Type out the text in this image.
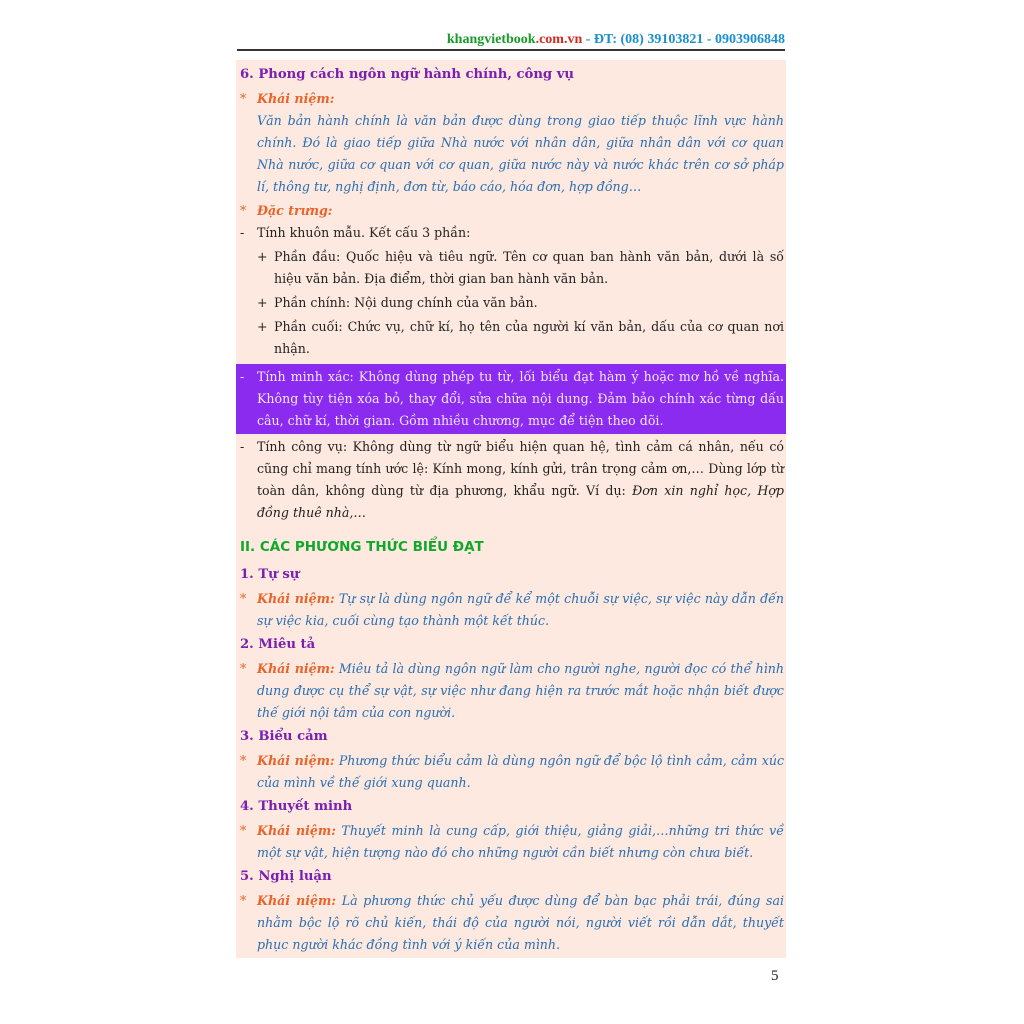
khangvietbook.com.vn - ĐT: (08) 39103821 - 0903906848
6. Phong cách ngôn ngữ hành chính, công vụ
* Khái niệm:
Văn bản hành chính là văn bản được dùng trong giao tiếp thuộc lĩnh vực hành chính. Đó là giao tiếp giữa Nhà nước với nhân dân, giữa nhân dân với cơ quan Nhà nước, giữa cơ quan với cơ quan, giữa nước này và nước khác trên cơ sở pháp lí, thông tư, nghị định, đơn từ, báo cáo, hóa đơn, hợp đồng…
* Đặc trưng:
-	Tính khuôn mẫu. Kết cấu 3 phần:
+ Phần đầu: Quốc hiệu và tiêu ngữ. Tên cơ quan ban hành văn bản, dưới là số hiệu văn bản. Địa điểm, thời gian ban hành văn bản.
+ Phần chính: Nội dung chính của văn bản.
+ Phần cuối: Chức vụ, chữ kí, họ tên của người kí văn bản, dấu của cơ quan nơi nhận.
-	Tính minh xác: Không dùng phép tu từ, lối biểu đạt hàm ý hoặc mơ hồ về nghĩa. Không tùy tiện xóa bỏ, thay đổi, sửa chữa nội dung. Đảm bảo chính xác từng dấu câu, chữ kí, thời gian. Gồm nhiều chương, mục để tiện theo dõi.
-	Tính công vụ: Không dùng từ ngữ biểu hiện quan hệ, tình cảm cá nhân, nếu có cũng chỉ mang tính ước lệ: Kính mong, kính gửi, trân trọng cảm ơn,… Dùng lớp từ toàn dân, không dùng từ địa phương, khẩu ngữ. Ví dụ: Đơn xin nghỉ học, Hợp đồng thuê nhà,…
II. CÁC PHƯƠNG THỨC BIỂU ĐẠT
1. Tự sự
* Khái niệm: Tự sự là dùng ngôn ngữ để kể một chuỗi sự việc, sự việc này dẫn đến sự việc kia, cuối cùng tạo thành một kết thúc.
2. Miêu tả
* Khái niệm: Miêu tả là dùng ngôn ngữ làm cho người nghe, người đọc có thể hình dung được cụ thể sự vật, sự việc như đang hiện ra trước mắt hoặc nhận biết được thế giới nội tâm của con người.
3. Biểu cảm
* Khái niệm: Phương thức biểu cảm là dùng ngôn ngữ để bộc lộ tình cảm, cảm xúc của mình về thế giới xung quanh.
4. Thuyết minh
* Khái niệm: Thuyết minh là cung cấp, giới thiệu, giảng giải,…những tri thức về một sự vật, hiện tượng nào đó cho những người cần biết nhưng còn chưa biết.
5. Nghị luận
* Khái niệm: Là phương thức chủ yếu được dùng để bàn bạc phải trái, đúng sai nhằm bộc lộ rõ chủ kiến, thái độ của người nói, người viết rồi dẫn dắt, thuyết phục người khác đồng tình với ý kiến của mình.
5
